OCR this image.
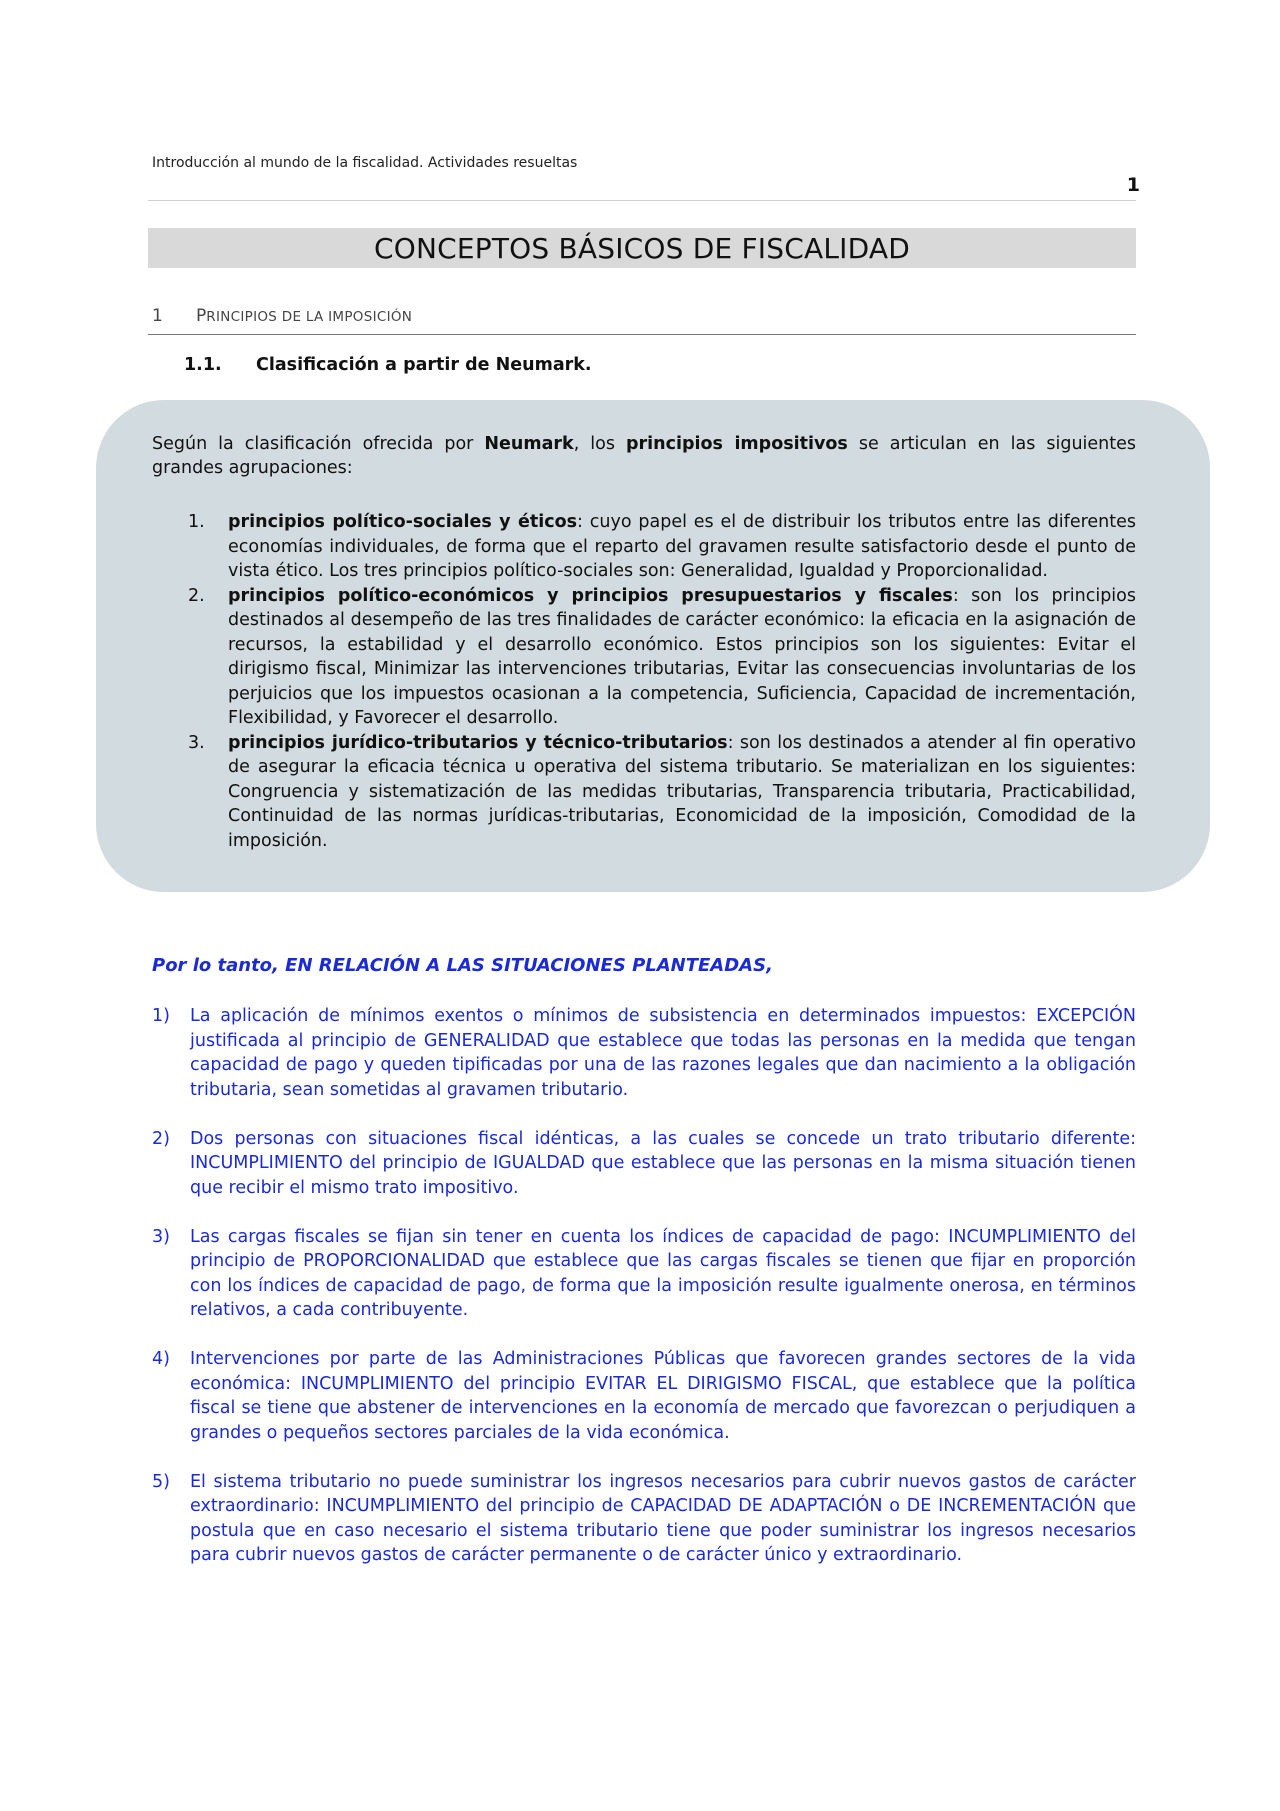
Introducción al mundo de la fiscalidad. Actividades resueltas
1
CONCEPTOS BÁSICOS DE FISCALIDAD
1 PRINCIPIOS DE LA IMPOSICIÓN
1.1. Clasificación a partir de Neumark.
Según la clasificación ofrecida por Neumark, los principios impositivos se articulan en las siguientes grandes agrupaciones:
1. principios político-sociales y éticos: cuyo papel es el de distribuir los tributos entre las diferentes economías individuales, de forma que el reparto del gravamen resulte satisfactorio desde el punto de vista ético. Los tres principios político-sociales son: Generalidad, Igualdad y Proporcionalidad.
2. principios político-económicos y principios presupuestarios y fiscales: son los principios destinados al desempeño de las tres finalidades de carácter económico: la eficacia en la asignación de recursos, la estabilidad y el desarrollo económico. Estos principios son los siguientes: Evitar el dirigismo fiscal, Minimizar las intervenciones tributarias, Evitar las consecuencias involuntarias de los perjuicios que los impuestos ocasionan a la competencia, Suficiencia, Capacidad de incrementación, Flexibilidad, y Favorecer el desarrollo.
3. principios jurídico-tributarios y técnico-tributarios: son los destinados a atender al fin operativo de asegurar la eficacia técnica u operativa del sistema tributario. Se materializan en los siguientes: Congruencia y sistematización de las medidas tributarias, Transparencia tributaria, Practicabilidad, Continuidad de las normas jurídicas-tributarias, Economicidad de la imposición, Comodidad de la imposición.
Por lo tanto, EN RELACIÓN A LAS SITUACIONES PLANTEADAS,
1) La aplicación de mínimos exentos o mínimos de subsistencia en determinados impuestos: EXCEPCIÓN justificada al principio de GENERALIDAD que establece que todas las personas en la medida que tengan capacidad de pago y queden tipificadas por una de las razones legales que dan nacimiento a la obligación tributaria, sean sometidas al gravamen tributario.
2) Dos personas con situaciones fiscal idénticas, a las cuales se concede un trato tributario diferente: INCUMPLIMIENTO del principio de IGUALDAD que establece que las personas en la misma situación tienen que recibir el mismo trato impositivo.
3) Las cargas fiscales se fijan sin tener en cuenta los índices de capacidad de pago: INCUMPLIMIENTO del principio de PROPORCIONALIDAD que establece que las cargas fiscales se tienen que fijar en proporción con los índices de capacidad de pago, de forma que la imposición resulte igualmente onerosa, en términos relativos, a cada contribuyente.
4) Intervenciones por parte de las Administraciones Públicas que favorecen grandes sectores de la vida económica: INCUMPLIMIENTO del principio EVITAR EL DIRIGISMO FISCAL, que establece que la política fiscal se tiene que abstener de intervenciones en la economía de mercado que favorezcan o perjudiquen a grandes o pequeños sectores parciales de la vida económica.
5) El sistema tributario no puede suministrar los ingresos necesarios para cubrir nuevos gastos de carácter extraordinario: INCUMPLIMIENTO del principio de CAPACIDAD DE ADAPTACIÓN o DE INCREMENTACIÓN que postula que en caso necesario el sistema tributario tiene que poder suministrar los ingresos necesarios para cubrir nuevos gastos de carácter permanente o de carácter único y extraordinario.
